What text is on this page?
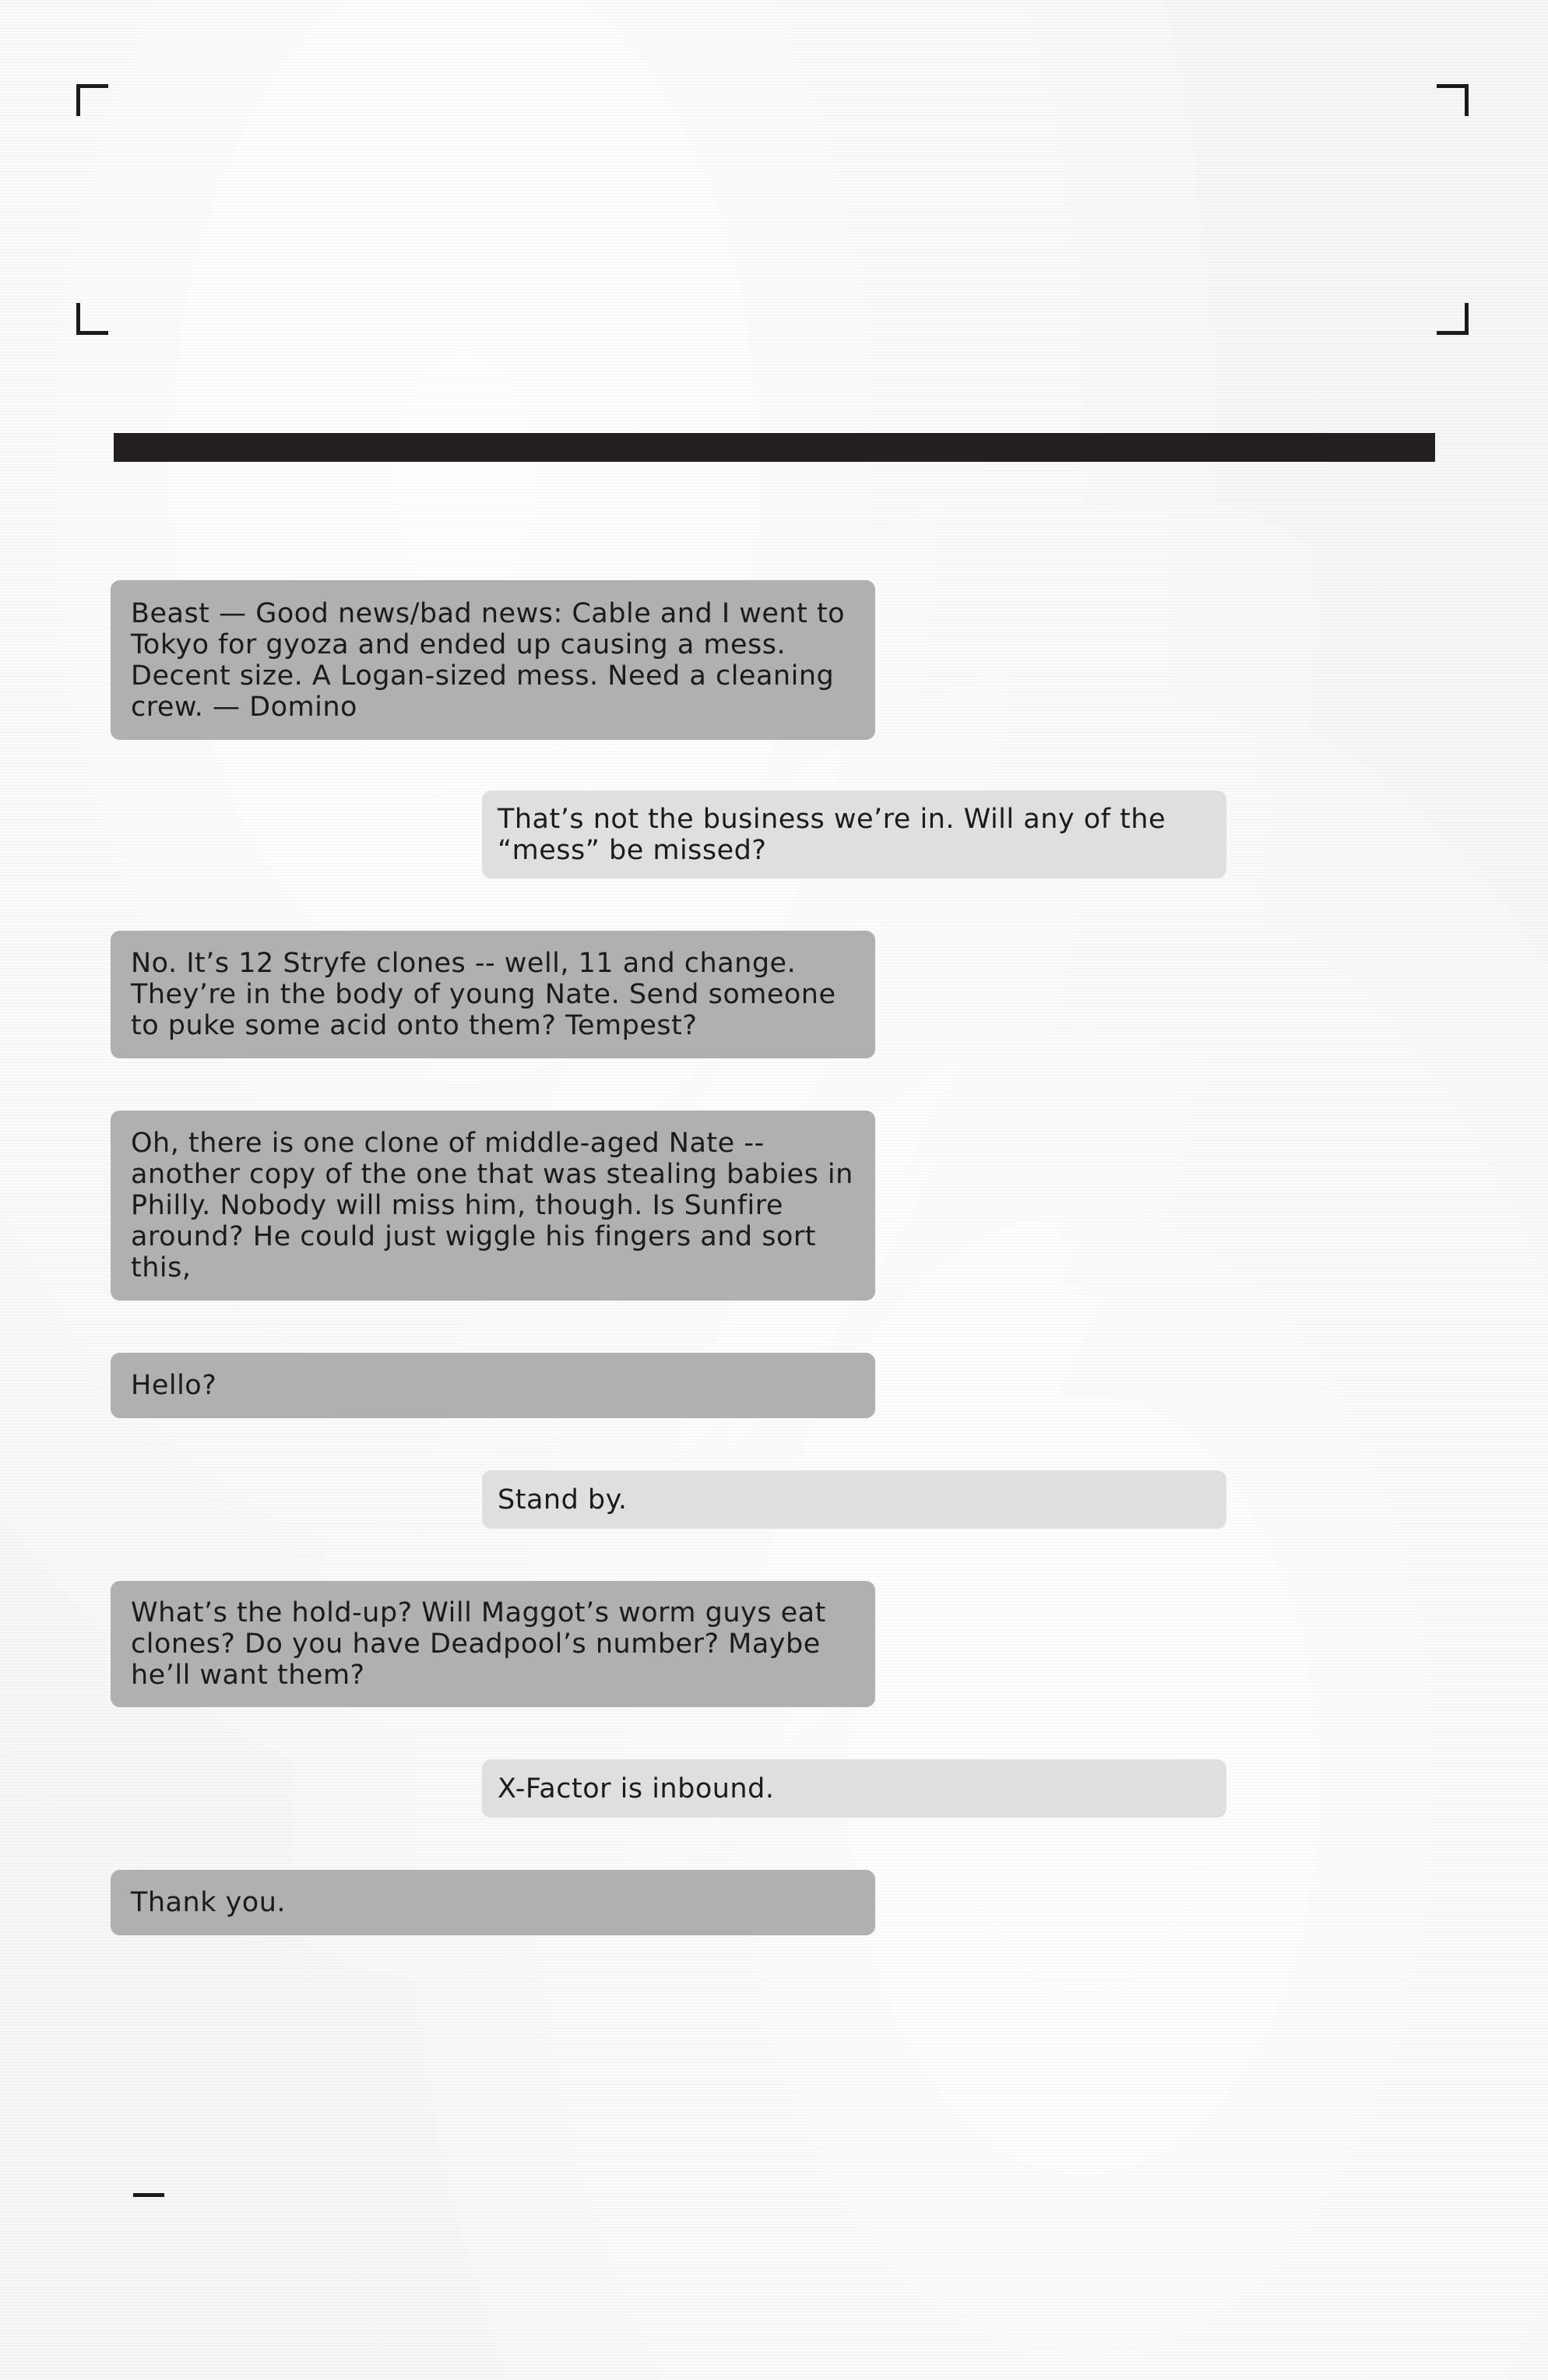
Beast — Good news/bad news: Cable and I went to Tokyo for gyoza and ended up causing a mess. Decent size. A Logan-sized mess. Need a cleaning crew. — Domino
That’s not the business we’re in. Will any of the “mess” be missed?
No. It’s 12 Stryfe clones -- well, 11 and change. They’re in the body of young Nate. Send someone to puke some acid onto them? Tempest?
Oh, there is one clone of middle-aged Nate -- another copy of the one that was stealing babies in Philly. Nobody will miss him, though. Is Sunfire around? He could just wiggle his fingers and sort this,
Hello?
Stand by.
What’s the hold-up? Will Maggot’s worm guys eat clones? Do you have Deadpool’s number? Maybe he’ll want them?
X-Factor is inbound.
Thank you.
